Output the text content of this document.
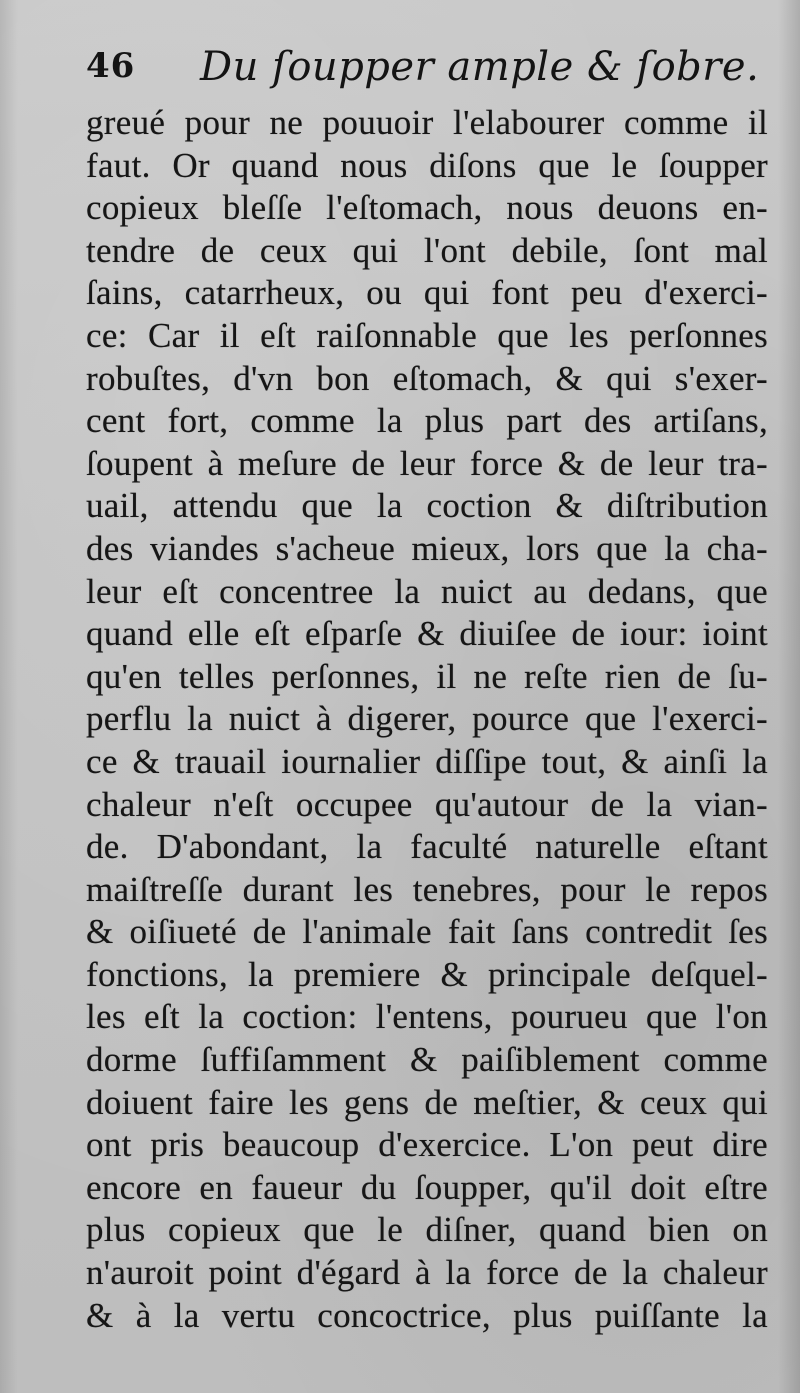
46 Du ſoupper ample & ſobre.
greué pour ne pouuoir l'elabourer comme il
faut. Or quand nous diſons que le ſoupper
copieux bleſſe l'eſtomach, nous deuons en-
tendre de ceux qui l'ont debile, ſont mal
ſains, catarrheux, ou qui font peu d'exerci-
ce: Car il eſt raiſonnable que les perſonnes
robuſtes, d'vn bon eſtomach, & qui s'exer-
cent fort, comme la plus part des artiſans,
ſoupent à meſure de leur force & de leur tra-
uail, attendu que la coction & diſtribution
des viandes s'acheue mieux, lors que la cha-
leur eſt concentree la nuict au dedans, que
quand elle eſt eſparſe & diuiſee de iour: ioint
qu'en telles perſonnes, il ne reſte rien de ſu-
perflu la nuict à digerer, pource que l'exerci-
ce & trauail iournalier diſſipe tout, & ainſi la
chaleur n'eſt occupee qu'autour de la vian-
de. D'abondant, la faculté naturelle eſtant
maiſtreſſe durant les tenebres, pour le repos
& oiſiueté de l'animale fait ſans contredit ſes
fonctions, la premiere & principale deſquel-
les eſt la coction: l'entens, pourueu que l'on
dorme ſuffiſamment & paiſiblement comme
doiuent faire les gens de meſtier, & ceux qui
ont pris beaucoup d'exercice. L'on peut dire
encore en faueur du ſoupper, qu'il doit eſtre
plus copieux que le diſner, quand bien on
n'auroit point d'égard à la force de la chaleur
& à la vertu concoctrice, plus puiſſante la
